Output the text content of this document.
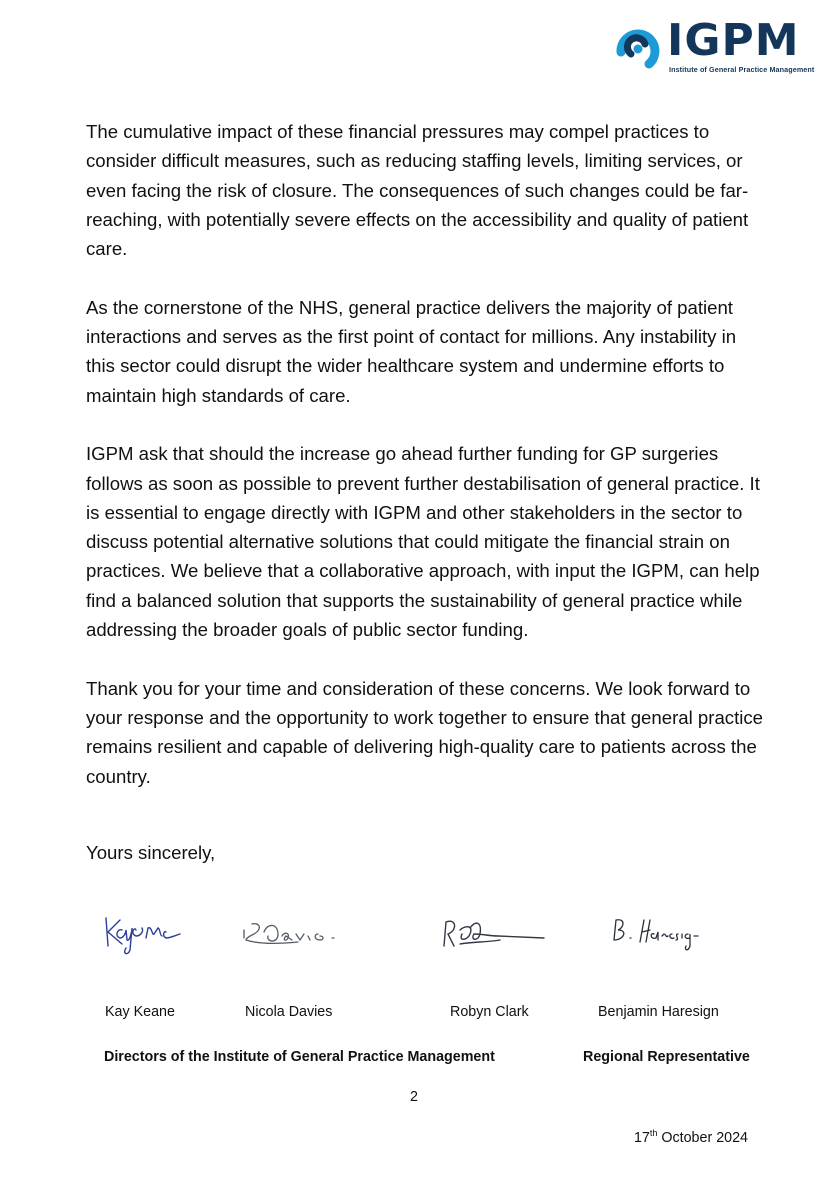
IGPM
Institute of General Practice Management

The cumulative impact of these financial pressures may compel practices to consider difficult measures, such as reducing staffing levels, limiting services, or even facing the risk of closure. The consequences of such changes could be far-reaching, with potentially severe effects on the accessibility and quality of patient care.

As the cornerstone of the NHS, general practice delivers the majority of patient interactions and serves as the first point of contact for millions. Any instability in this sector could disrupt the wider healthcare system and undermine efforts to maintain high standards of care.

IGPM ask that should the increase go ahead further funding for GP surgeries follows as soon as possible to prevent further destabilisation of general practice. It is essential to engage directly with IGPM and other stakeholders in the sector to discuss potential alternative solutions that could mitigate the financial strain on practices. We believe that a collaborative approach, with input the IGPM, can help find a balanced solution that supports the sustainability of general practice while addressing the broader goals of public sector funding.

Thank you for your time and consideration of these concerns. We look forward to your response and the opportunity to work together to ensure that general practice remains resilient and capable of delivering high-quality care to patients across the country.

Yours sincerely,
Kay Keane	Nicola Davies	Robyn Clark	Benjamin Haresign
Directors of the Institute of General Practice Management	Regional Representative
2
17th October 2024
